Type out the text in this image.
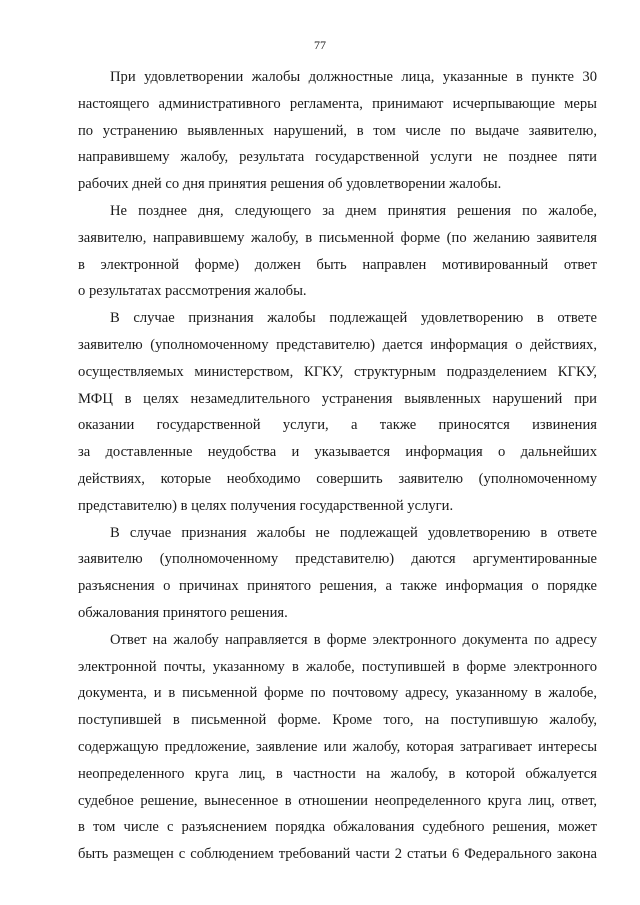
77
При удовлетворении жалобы должностные лица, указанные в пункте 30
настоящего административного регламента, принимают исчерпывающие меры
по устранению выявленных нарушений, в том числе по выдаче заявителю,
направившему жалобу, результата государственной услуги не позднее пяти
рабочих дней со дня принятия решения об удовлетворении жалобы.
Не позднее дня, следующего за днем принятия решения по жалобе,
заявителю, направившему жалобу, в письменной форме (по желанию заявителя
в электронной форме) должен быть направлен мотивированный ответ
о результатах рассмотрения жалобы.
В случае признания жалобы подлежащей удовлетворению в ответе
заявителю (уполномоченному представителю) дается информация о действиях,
осуществляемых министерством, КГКУ, структурным подразделением КГКУ,
МФЦ в целях незамедлительного устранения выявленных нарушений при
оказании государственной услуги, а также приносятся извинения
за доставленные неудобства и указывается информация о дальнейших
действиях, которые необходимо совершить заявителю (уполномоченному
представителю) в целях получения государственной услуги.
В случае признания жалобы не подлежащей удовлетворению в ответе
заявителю (уполномоченному представителю) даются аргументированные
разъяснения о причинах принятого решения, а также информация о порядке
обжалования принятого решения.
Ответ на жалобу направляется в форме электронного документа по адресу
электронной почты, указанному в жалобе, поступившей в форме электронного
документа, и в письменной форме по почтовому адресу, указанному в жалобе,
поступившей в письменной форме. Кроме того, на поступившую жалобу,
содержащую предложение, заявление или жалобу, которая затрагивает интересы
неопределенного круга лиц, в частности на жалобу, в которой обжалуется
судебное решение, вынесенное в отношении неопределенного круга лиц, ответ,
в том числе с разъяснением порядка обжалования судебного решения, может
быть размещен с соблюдением требований части 2 статьи 6 Федерального закона
